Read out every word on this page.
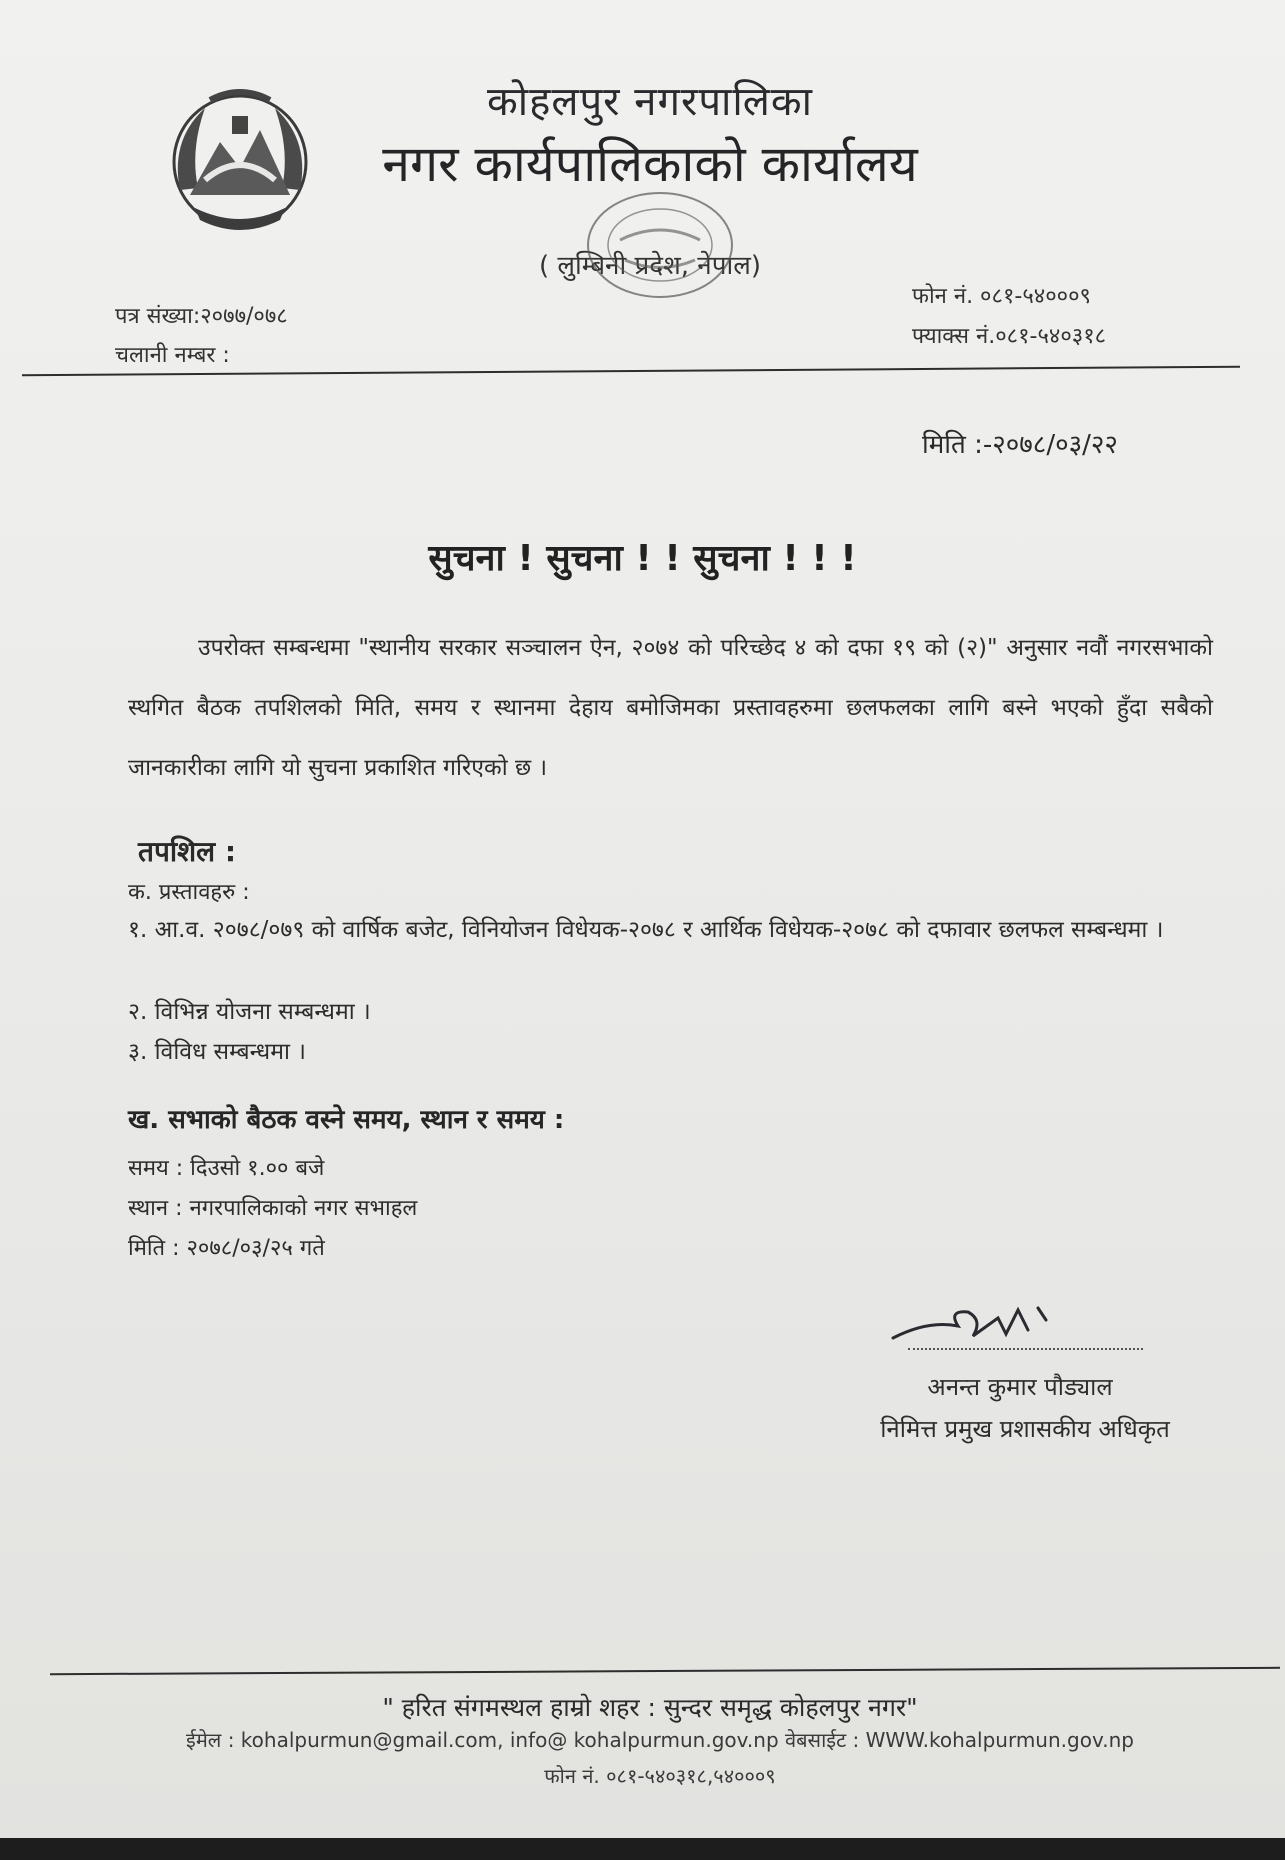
कोहलपुर नगरपालिका
नगर कार्यपालिकाको कार्यालय
( लुम्बिनी प्रदेश, नेपाल)
पत्र संख्या:२०७७/०७८
चलानी नम्बर :
फोन नं. ०८१-५४०००९
फ्याक्स नं.०८१-५४०३१८
मिति :-२०७८/०३/२२
सुचना ! सुचना ! ! सुचना ! ! !
उपरोक्त सम्बन्धमा "स्थानीय सरकार सञ्चालन ऐन, २०७४ को परिच्छेद ४ को दफा १९ को (२)" अनुसार नवौं नगरसभाको स्थगित बैठक तपशिलको मिति, समय र स्थानमा देहाय बमोजिमका प्रस्तावहरुमा छलफलका लागि बस्ने भएको हुँदा सबैको जानकारीका लागि यो सुचना प्रकाशित गरिएको छ ।
तपशिल :
क. प्रस्तावहरु :
१. आ.व. २०७८/०७९ को वार्षिक बजेट, विनियोजन विधेयक-२०७८ र आर्थिक विधेयक-२०७८ को दफावार छलफल सम्बन्धमा ।
२. विभिन्न योजना सम्बन्धमा ।
३. विविध सम्बन्धमा ।
ख. सभाको बैठक वस्ने समय, स्थान र समय :
समय : दिउसो १.०० बजे
स्थान : नगरपालिकाको नगर सभाहल
मिति : २०७८/०३/२५ गते
अनन्त कुमार पौड्याल
निमित्त प्रमुख प्रशासकीय अधिकृत
" हरित संगमस्थल हाम्रो शहर : सुन्दर समृद्ध कोहलपुर नगर"
ईमेल : kohalpurmun@gmail.com, info@ kohalpurmun.gov.np वेबसाईट : WWW.kohalpurmun.gov.np
फोन नं. ०८१-५४०३१८,५४०००९
